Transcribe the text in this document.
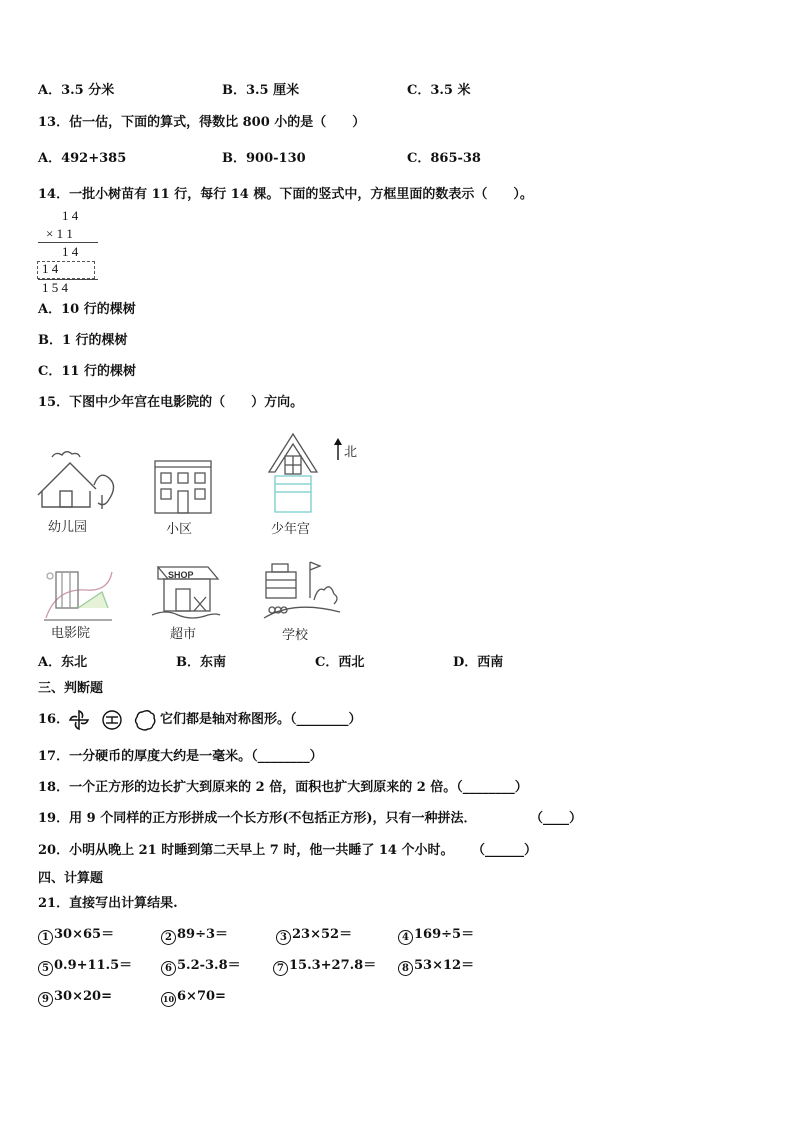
A．3.5 分米	B．3.5 厘米	C．3.5 米
13．估一估，下面的算式，得数比 800 小的是（　　）
A．492+385	B．900-130	C．865-38
14．一批小树苗有 11 行，每行 14 棵。下面的竖式中，方框里面的数表示（　　）。
1 4
× 1 1
1 4
1 4
1 5 4
A．10 行的棵树
B．1 行的棵树
C．11 行的棵树
15．下图中少年宫在电影院的（　　）方向。
幼儿园	小区	少年宫
北
电影院
SHOP
超市	学校
A．东北	B．东南	C．西北	D．西南
三、判断题
16．	它们都是轴对称图形。（________）
17．一分硬币的厚度大约是一毫米。（________）
18．一个正方形的边长扩大到原来的 2 倍，面积也扩大到原来的 2 倍。（________）
19．用 9 个同样的正方形拼成一个长方形(不包括正方形)，只有一种拼法．	（____）
20．小明从晚上 21 时睡到第二天早上 7 时，他一共睡了 14 个小时。 （______）
四、计算题
21．直接写出计算结果.
1 30×65＝	2 89÷3＝	3 23×52＝	4 169÷5＝
5 0.9+11.5＝	6 5.2-3.8＝	7 15.3+27.8＝	8 53×12＝
9 30×20=	10 6×70=
